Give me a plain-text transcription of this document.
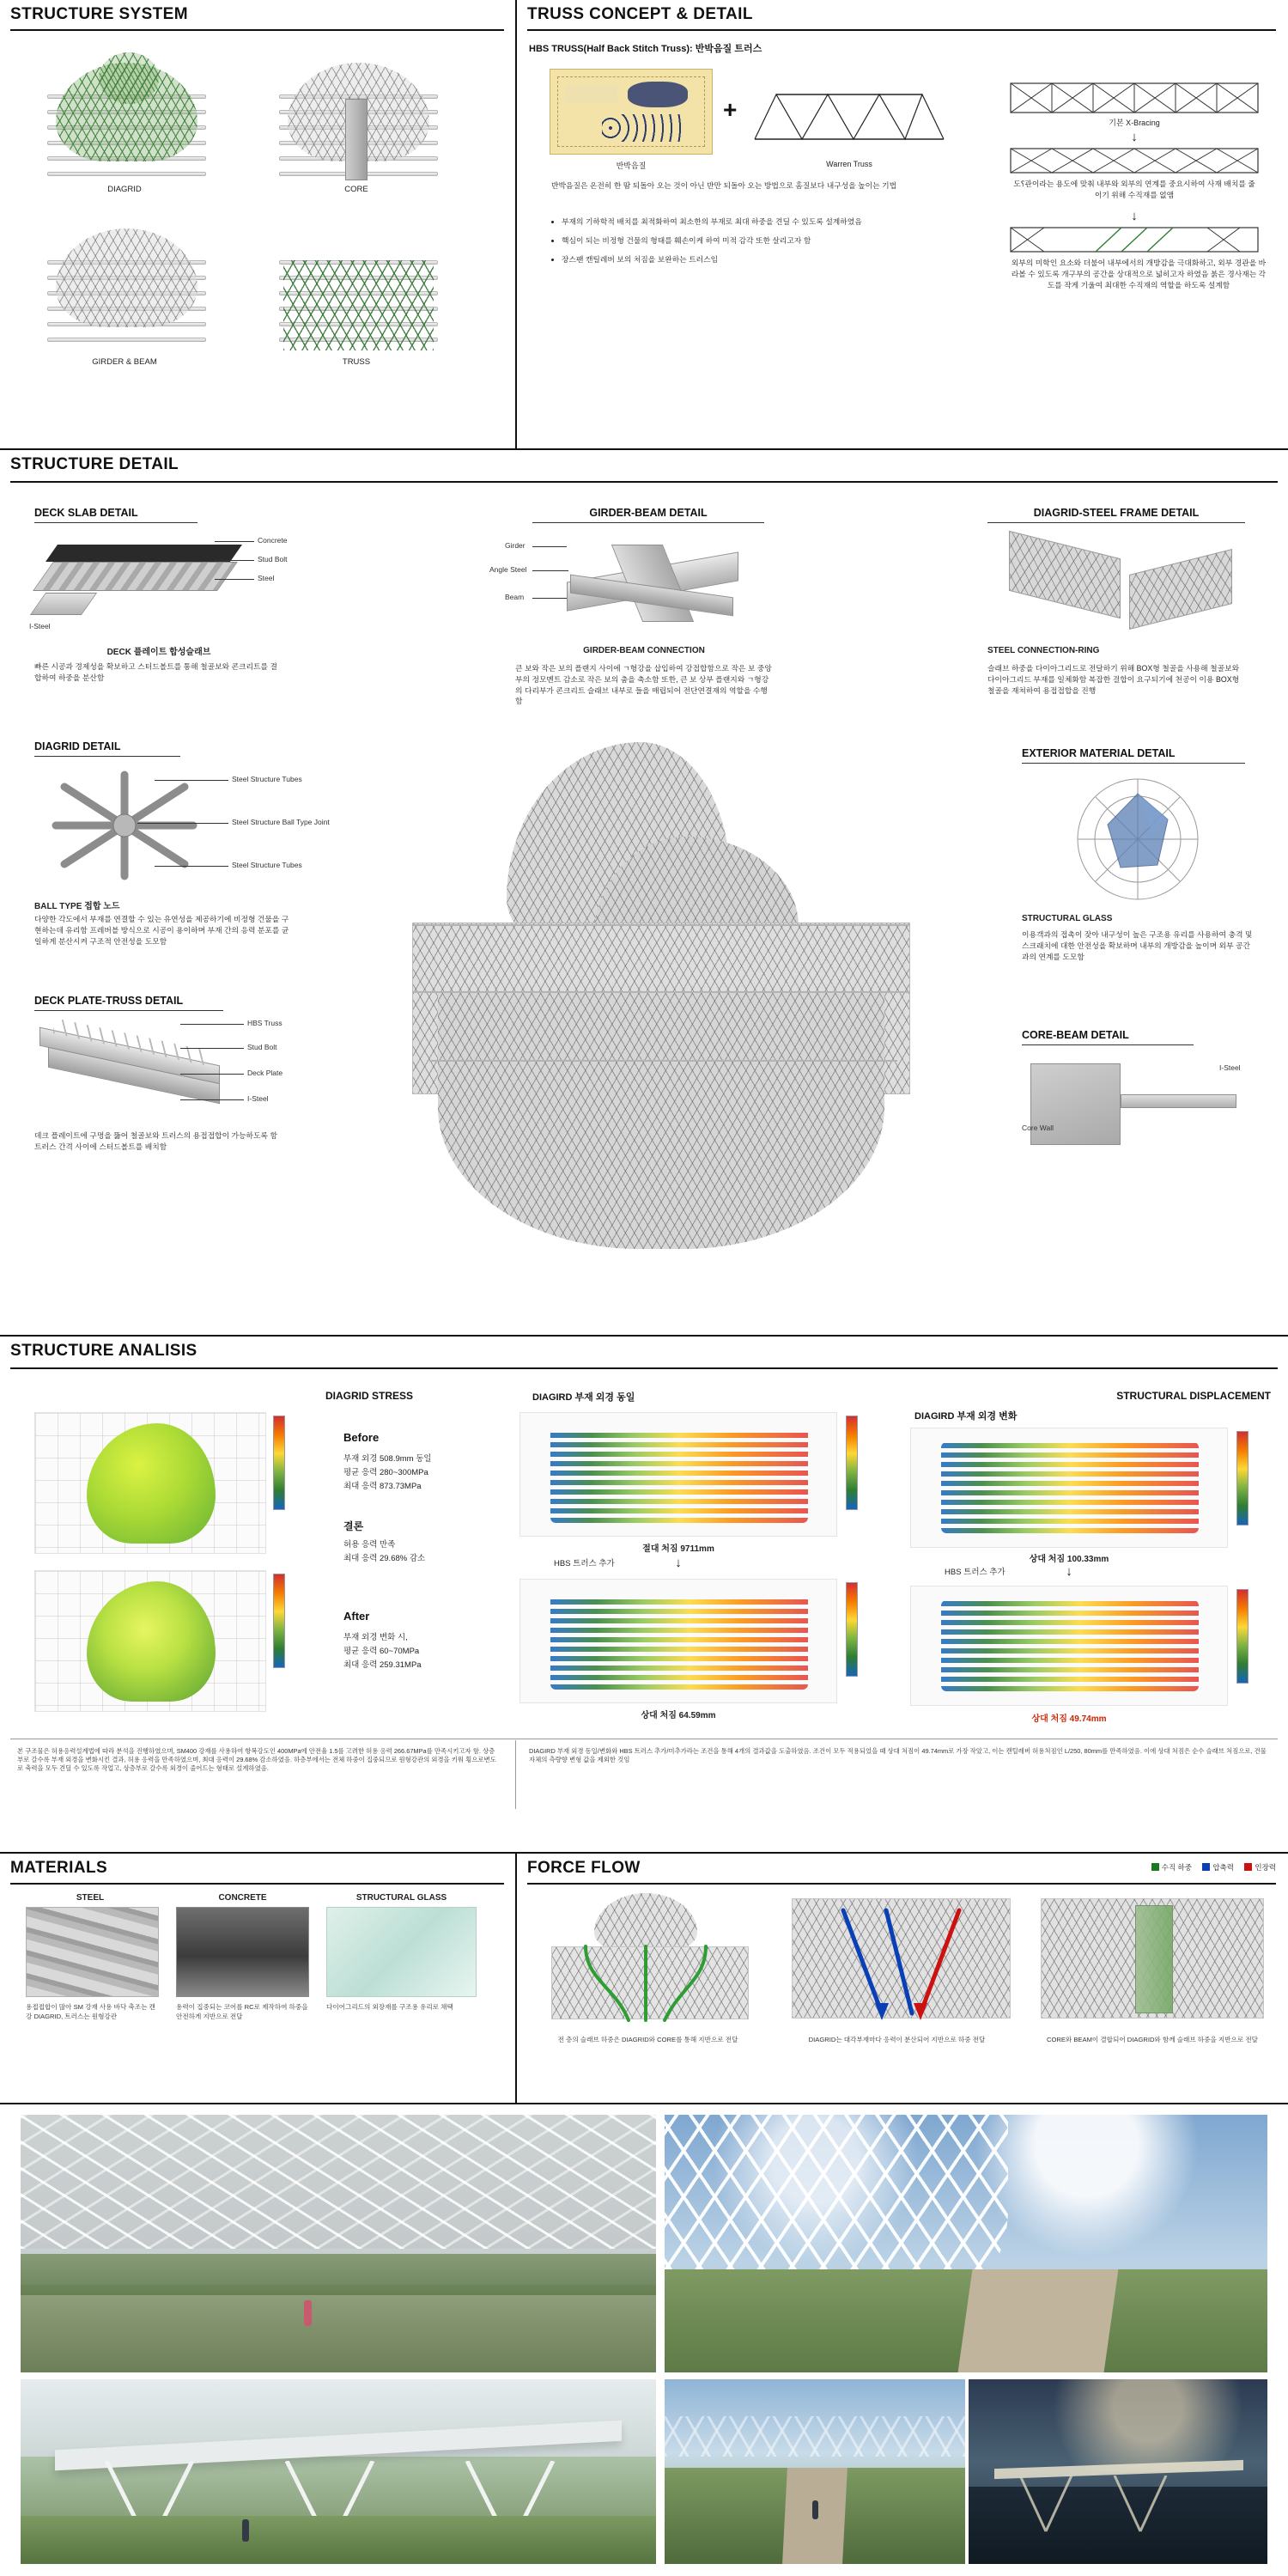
STRUCTURE SYSTEM
DIAGRID	CORE
GIRDER & BEAM	TRUSS
TRUSS CONCEPT & DETAIL
HBS TRUSS(Half Back Stitch Truss): 반박음질 트러스
반박음질
+
Warren Truss
반박음질은 온전히 한 땀 되돌아 오는 것이 아닌 반만 되돌아 오는 방법으로 홈질보다 내구성을 높이는 기법
• 부재의 기하학적 배치를 최적화하여 최소한의 부재로 최대 하중을 견딜 수 있도록 설계하였음
• 핵심이 되는 비정형 건물의 형태를 훼손이케 하여 미적 감각 또한 살리고자 함
• 장스팬 캔틸레버 보의 처짐을 보완하는 트러스임
기본 X-Bracing
↓
도؟관이라는 용도에 맞춰 내부와 외부의 연계를 중요시하여 사재 배치를 줄이기 위해 수직재를 없앰
↓
외부의 미학인 요소와 더불어 내부에서의 개방감을 극대화하고, 외부 경관을 바라볼 수 있도록 개구부의 공간을 상대적으로 넓히고자 하였음 붉은 경사재는 각도를 작게 기울여 최대한 수직재의 역할을 하도록 설계함
STRUCTURE DETAIL
DECK SLAB DETAIL
Concrete
Stud Bolt
Steel
I-Steel
DECK 플레이트 합성슬래브
빠른 시공과 경제성을 확보하고 스터드볼트를 통해 철골보와 콘크리트를 결합하여 하중을 분산함
GIRDER-BEAM DETAIL
Girder
Angle Steel
Beam
GIRDER-BEAM CONNECTION
큰 보와 작은 보의 플랜지 사이에 ㄱ형강을 삽입하여 강접합함으로 작은 보 중앙부의 정모멘트 감소로 작은 보의 춤을 축소함 또한, 큰 보 상부 플랜지와 ㄱ형강의 다리부가 콘크리트 슬래브 내부로 들을 매립되어 전단연결재의 역할을 수행함
DIAGRID-STEEL FRAME DETAIL
STEEL CONNECTION-RING
슬래브 하중을 다이아그리드로 전달하기 위해 BOX형 철골을 사용해 철골보와 다이아그리드 부재를 일체화함 복잡한 걸합이 요구되기에 천공이 이용 BOX형 철골을 재쳐하여 용접접합을 진행
DIAGRID DETAIL
Steel Structure Tubes
Steel Structure Ball Type Joint
Steel Structure Tubes
BALL TYPE 접합 노드
다양한 각도에서 부재를 연결할 수 있는 유연성을 제공하기에 비정형 건물을 구현하는데 유리함 프레버블 방식으로 시공이 용이하며 부재 간의 응력 분포를 균일하게 분산시켜 구조적 안전성을 도모함
DECK PLATE-TRUSS DETAIL
HBS Truss
Stud Bolt
Deck Plate
I-Steel
데크 플레이트에 구멍을 뚫어 철골보와 트러스의 용접접합이 가능하도록 함 트러스 간격 사이에 스터드볼트를 배치함
EXTERIOR MATERIAL DETAIL
STRUCTURAL GLASS
이용객과의 접촉이 잦아 내구성이 높은 구조용 유리를 사용하여 충격 및 스크래치에 대한 안전성을 확보하며 내부의 개방감을 높이며 외부 공간과의 연계를 도모함
CORE-BEAM DETAIL
I-Steel
Core Wall
STRUCTURE ANALISIS
DIAGRID STRESS	DIAGIRD 부재 외경 동일	STRUCTURAL DISPLACEMENT
DIAGIRD 부재 외경 변화
Before
부재 외경 508.9mm 동일
평균 응력 280~300MPa
최대 응력 873.73MPa
결론
허용 응력 만족
최대 응력 29.68% 감소
After
부재 외경 변화 시,
평균 응력 60~70MPa
최대 응력 259.31MPa
절대 처짐 9711mm
↓
HBS 트러스 추가
상대 처짐 64.59mm
상대 처짐 100.33mm
↓
HBS 트러스 추가
상대 처짐 49.74mm
본 구조물은 허용응력설계법에 따라 분석을 진행하였으며, SM400 강재를 사용하여 항복강도인 400MPa에 안전율 1.5를 고려한 허용 응력 266.67MPa를 만족시키고자 함. 상층부로 갈수록 부재 외경을 변화시킨 결과, 허용 응력을 만족하였으며, 최대 응력이 29.68% 감소하였음. 하층부에서는 전체 하중이 집중되므로 원형강관의 외경을 키워 횡으로변도로 축력을 모두 견딜 수 있도록 작업고, 상층부로 갈수록 외경이 줄어드는 형태로 설계하였음.
DIAGIRD 부재 외경 동일/변화와 HBS 트러스 추가/미추가라는 조건을 통해 4개의 결과값을 도출하였음. 조건이 모두 적용되었을 때 상대 처짐이 49.74mm로 가장 작았고, 이는 캔틸레버 허용처짐인 L/250, 80mm를 만족하였음. 이에 상대 처짐은 순수 슬래브 처짐으로, 건물 자체의 측량향 변형 값을 제외한 것임
MATERIALS
STEEL
용접접합이 많아 SM 강재 사용 바닥 축조는 캔강 DIAGRID, 트러스는 원형강관
CONCRETE
용력이 집중되는 코어를 RC로 제작하여 하중을 안전하게 지반으로 전달
STRUCTURAL GLASS
다이어그리드의 외장재를 구조용 유리로 채택
FORCE FLOW	수직 하중	압축력	인장력
전 층의 슬래브 하중은 DIAGRID와 CORE를 통해 지반으로 전달	DIAGRID는 대각부재마다 응력이 분산되어 지반으로 하중 전달	CORE와 BEAM이 결합되어 DIAGRID와 함께 슬래브 하중을 지반으로 전달
